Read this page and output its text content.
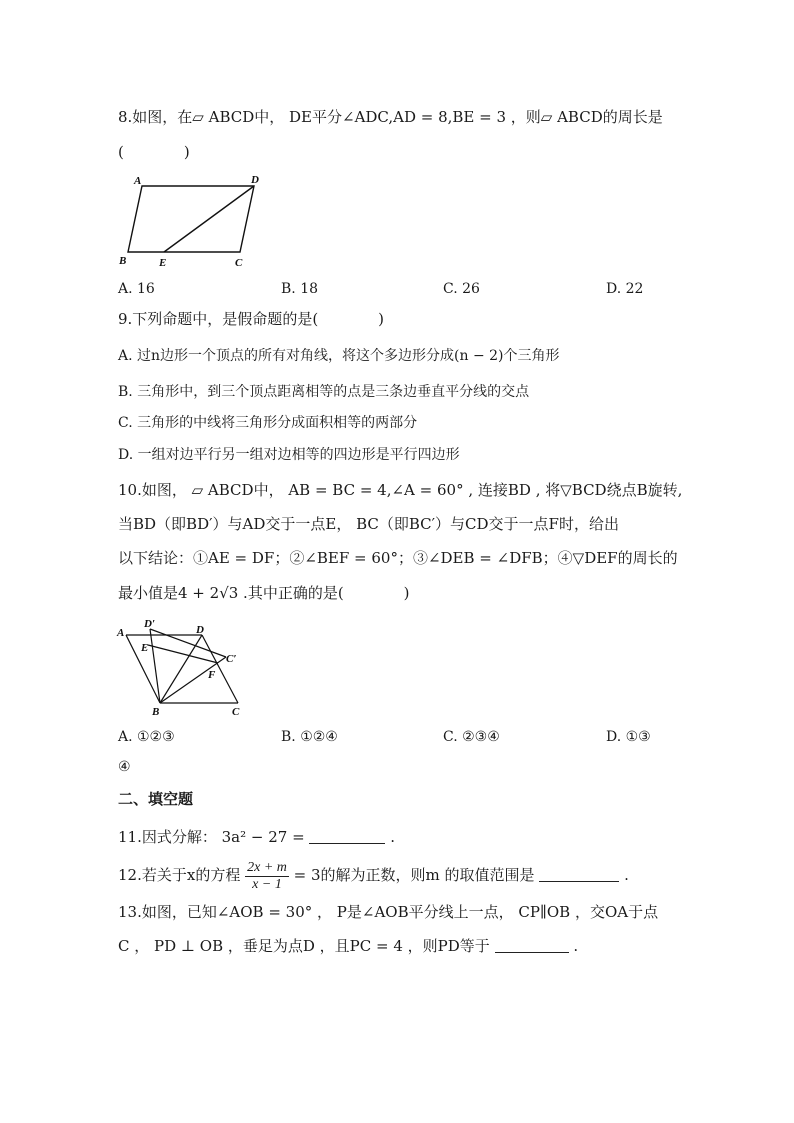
8.如图，在▱ ABCD中， DE平分∠ADC,AD = 8,BE = 3 ，则▱ ABCD的周长是
(　　　　)
A	D
B	E	C
A. 16	B. 18	C. 26	D. 22
9.下列命题中，是假命题的是(　　　　)
A. 过n边形一个顶点的所有对角线，将这个多边形分成(n − 2)个三角形
B. 三角形中，到三个顶点距离相等的点是三条边垂直平分线的交点
C. 三角形的中线将三角形分成面积相等的两部分
D. 一组对边平行另一组对边相等的四边形是平行四边形
10.如图， ▱ ABCD中， AB = BC = 4,∠A = 60° , 连接BD , 将▽BCD绕点B旋转,
当BD（即BD′）与AD交于一点E， BC（即BC′）与CD交于一点F时，给出
以下结论：①AE = DF；②∠BEF = 60°；③∠DEB = ∠DFB；④▽DEF的周长的
最小值是4 + 2√3 .其中正确的是(　　　　)
A
D′	D
E
C′
F
B	C
A. ①②③	B. ①②④	C. ②③④	D. ①③
④
二、填空题
11.因式分解： 3a² − 27 =	.
12.若关于x的方程 $\frac{2x + m}{x - 1} = 3$的解为正数，则m 的取值范围是	.
13.如图，已知∠AOB = 30° ， P是∠AOB平分线上一点， CP∥OB ，交OA于点
C ， PD ⊥ OB ，垂足为点D ，且PC = 4 ，则PD等于	.
